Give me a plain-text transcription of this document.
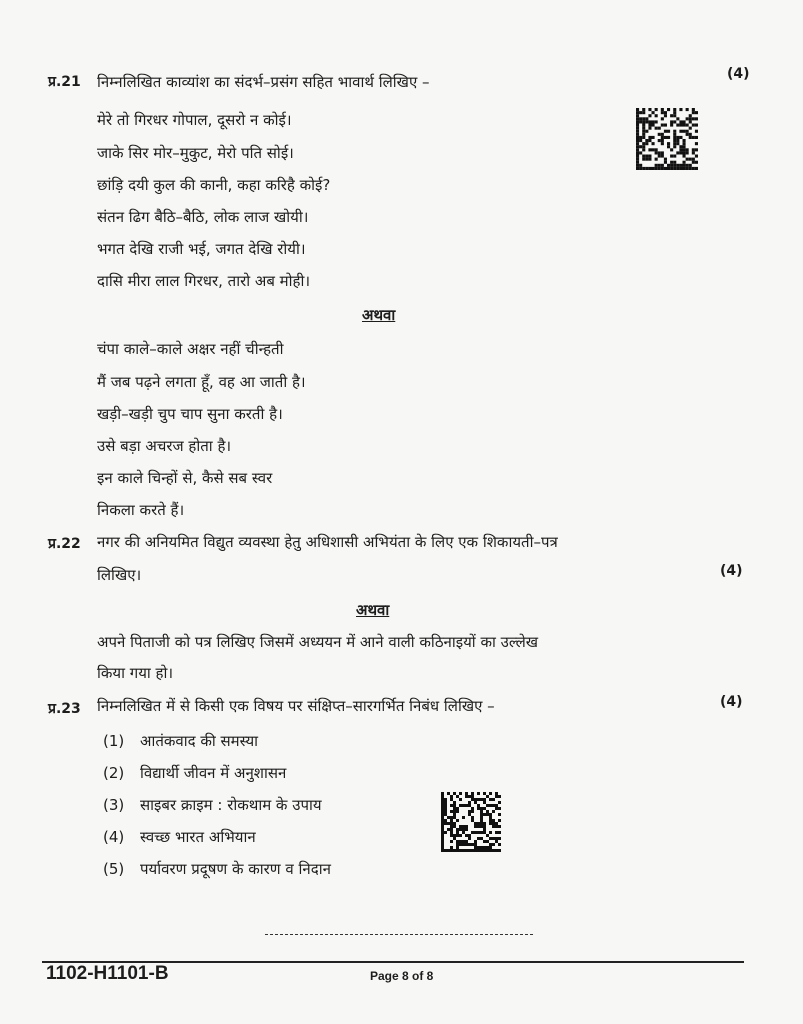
प्र.21 निम्नलिखित काव्यांश का संदर्भ–प्रसंग सहित भावार्थ लिखिए –	(4)
मेरे तो गिरधर गोपाल, दूसरो न कोई।
जाके सिर मोर–मुकुट, मेरो पति सोई।
छांड़ि दयी कुल की कानी, कहा करिहै कोई?
संतन ढिग बैठि–बैठि, लोक लाज खोयी।
भगत देखि राजी भई, जगत देखि रोयी।
दासि मीरा लाल गिरधर, तारो अब मोही।
अथवा
चंपा काले–काले अक्षर नहीं चीन्हती
मैं जब पढ़ने लगता हूँ, वह आ जाती है।
खड़ी–खड़ी चुप चाप सुना करती है।
उसे बड़ा अचरज होता है।
इन काले चिन्हों से, कैसे सब स्वर
निकला करते हैं।
प्र.22 नगर की अनियमित विद्युत व्यवस्था हेतु अधिशासी अभियंता के लिए एक शिकायती–पत्र
लिखिए।	(4)
अथवा
अपने पिताजी को पत्र लिखिए जिसमें अध्ययन में आने वाली कठिनाइयों का उल्लेख
किया गया हो।
प्र.23 निम्नलिखित में से किसी एक विषय पर संक्षिप्त–सारगर्भित निबंध लिखिए –	(4)
(1) आतंकवाद की समस्या
(2) विद्यार्थी जीवन में अनुशासन
(3) साइबर क्राइम : रोकथाम के उपाय
(4) स्वच्छ भारत अभियान
(5) पर्यावरण प्रदूषण के कारण व निदान
1102-H1101-B	Page 8 of 8
